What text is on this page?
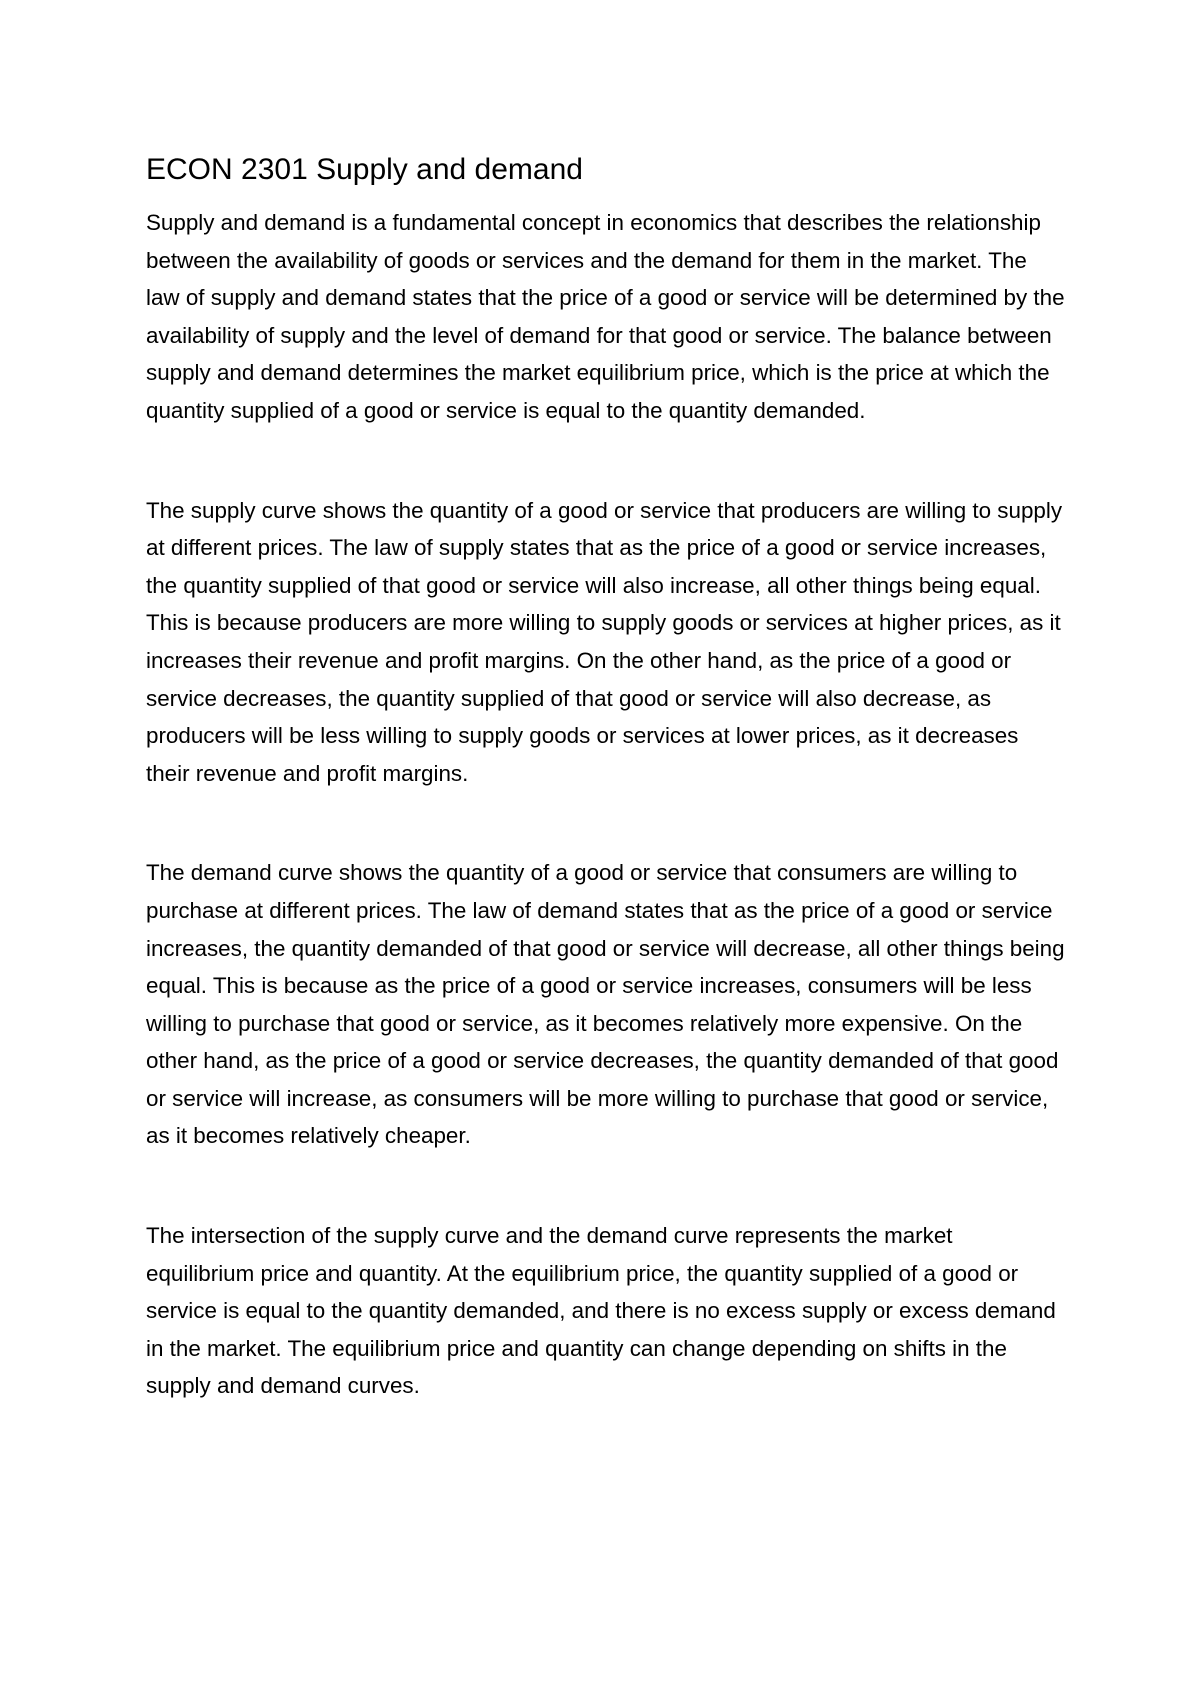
ECON 2301 Supply and demand

Supply and demand is a fundamental concept in economics that describes the relationship between the availability of goods or services and the demand for them in the market. The law of supply and demand states that the price of a good or service will be determined by the availability of supply and the level of demand for that good or service. The balance between supply and demand determines the market equilibrium price, which is the price at which the quantity supplied of a good or service is equal to the quantity demanded.

The supply curve shows the quantity of a good or service that producers are willing to supply at different prices. The law of supply states that as the price of a good or service increases, the quantity supplied of that good or service will also increase, all other things being equal. This is because producers are more willing to supply goods or services at higher prices, as it increases their revenue and profit margins. On the other hand, as the price of a good or service decreases, the quantity supplied of that good or service will also decrease, as producers will be less willing to supply goods or services at lower prices, as it decreases their revenue and profit margins.

The demand curve shows the quantity of a good or service that consumers are willing to purchase at different prices. The law of demand states that as the price of a good or service increases, the quantity demanded of that good or service will decrease, all other things being equal. This is because as the price of a good or service increases, consumers will be less willing to purchase that good or service, as it becomes relatively more expensive. On the other hand, as the price of a good or service decreases, the quantity demanded of that good or service will increase, as consumers will be more willing to purchase that good or service, as it becomes relatively cheaper.

The intersection of the supply curve and the demand curve represents the market equilibrium price and quantity. At the equilibrium price, the quantity supplied of a good or service is equal to the quantity demanded, and there is no excess supply or excess demand in the market. The equilibrium price and quantity can change depending on shifts in the supply and demand curves.
